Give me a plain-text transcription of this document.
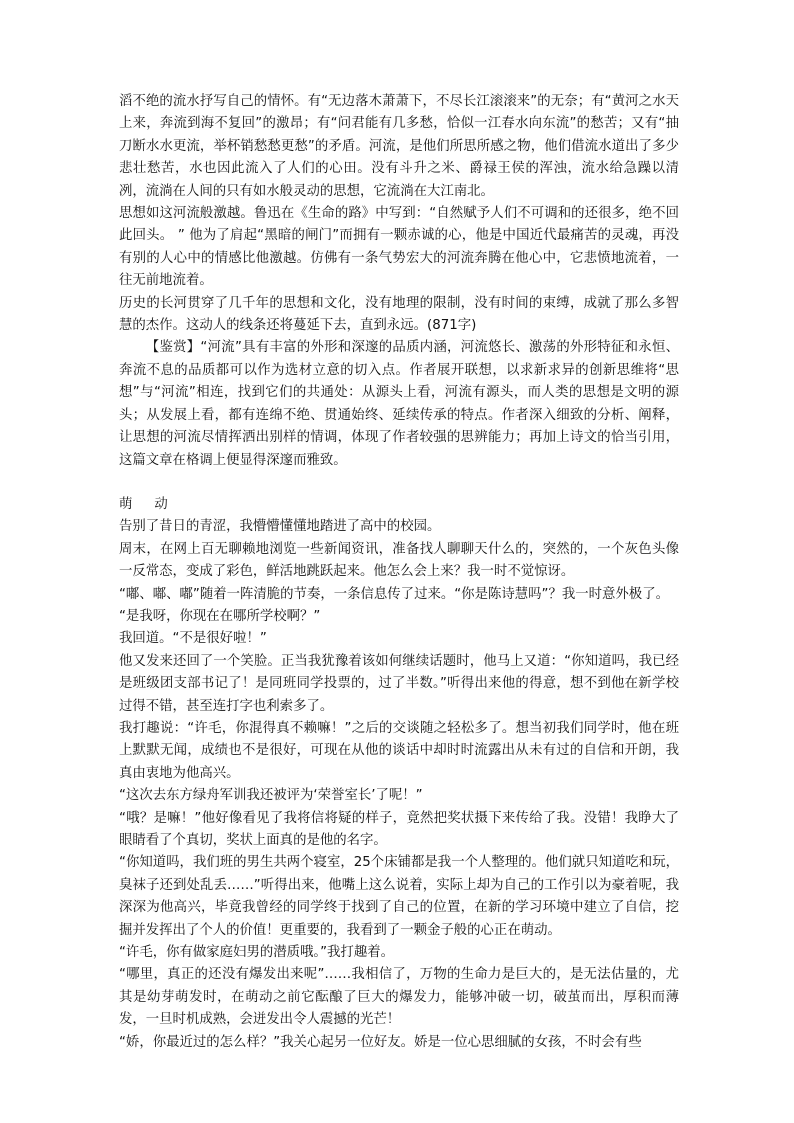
滔不绝的流水抒写自己的情怀。有“无边落木萧萧下，不尽长江滚滚来”的无奈；有“黄河之水天上来，奔流到海不复回”的激昂；有“问君能有几多愁，恰似一江春水向东流”的愁苦；又有“抽刀断水水更流，举杯销愁愁更愁”的矛盾。河流，是他们所思所感之物，他们借流水道出了多少悲壮愁苦，水也因此流入了人们的心田。没有斗升之米、爵禄王侯的浑浊，流水给急躁以清冽，流淌在人间的只有如水般灵动的思想，它流淌在大江南北。

思想如这河流般激越。鲁迅在《生命的路》中写到：“自然赋予人们不可调和的还很多，绝不回此回头。 ” 他为了肩起“黑暗的闸门”而拥有一颗赤诚的心，他是中国近代最痛苦的灵魂，再没有别的人心中的情感比他激越。仿佛有一条气势宏大的河流奔腾在他心中，它悲愤地流着，一往无前地流着。

历史的长河贯穿了几千年的思想和文化，没有地理的限制，没有时间的束缚，成就了那么多智慧的杰作。这动人的线条还将蔓延下去，直到永远。(871字)

【鉴赏】“河流”具有丰富的外形和深邃的品质内涵，河流悠长、激荡的外形特征和永恒、奔流不息的品质都可以作为选材立意的切入点。作者展开联想，以求新求异的创新思维将“思想”与“河流”相连，找到它们的共通处：从源头上看，河流有源头，而人类的思想是文明的源头；从发展上看，都有连绵不绝、贯通始终、延续传承的特点。作者深入细致的分析、阐释，让思想的河流尽情挥洒出别样的情调，体现了作者较强的思辨能力；再加上诗文的恰当引用，这篇文章在格调上便显得深邃而雅致。

萌 动

告别了昔日的青涩，我懵懵懂懂地踏进了高中的校园。

周末，在网上百无聊赖地浏览一些新闻资讯，准备找人聊聊天什么的，突然的，一个灰色头像一反常态，变成了彩色，鲜活地跳跃起来。他怎么会上来？我一时不觉惊讶。

“嘟、嘟、嘟”随着一阵清脆的节奏，一条信息传了过来。“你是陈诗慧吗”？我一时意外极了。

“是我呀，你现在在哪所学校啊？”

我回道。“不是很好啦！”

他又发来还回了一个笑脸。正当我犹豫着该如何继续话题时，他马上又道：“你知道吗，我已经是班级团支部书记了！是同班同学投票的，过了半数。”听得出来他的得意，想不到他在新学校过得不错，甚至连打字也利索多了。

我打趣说：“许毛，你混得真不赖嘛！”之后的交谈随之轻松多了。想当初我们同学时，他在班上默默无闻，成绩也不是很好，可现在从他的谈话中却时时流露出从未有过的自信和开朗，我真由衷地为他高兴。

“这次去东方绿舟军训我还被评为‘荣誉室长’了呢！”

“哦？是嘛！”他好像看见了我将信将疑的样子，竟然把奖状摄下来传给了我。没错！我睁大了眼睛看了个真切，奖状上面真的是他的名字。

“你知道吗，我们班的男生共两个寝室，25个床铺都是我一个人整理的。他们就只知道吃和玩，臭袜子还到处乱丢……”听得出来，他嘴上这么说着，实际上却为自己的工作引以为豪着呢，我深深为他高兴，毕竟我曾经的同学终于找到了自己的位置，在新的学习环境中建立了自信，挖掘并发挥出了个人的价值！更重要的，我看到了一颗金子般的心正在萌动。

“许毛，你有做家庭妇男的潜质哦。”我打趣着。

“哪里，真正的还没有爆发出来呢”……我相信了，万物的生命力是巨大的，是无法估量的，尤其是幼芽萌发时，在萌动之前它酝酿了巨大的爆发力，能够冲破一切，破茧而出，厚积而薄发，一旦时机成熟，会迸发出令人震撼的光芒！

“娇，你最近过的怎么样？”我关心起另一位好友。娇是一位心思细腻的女孩，不时会有些
